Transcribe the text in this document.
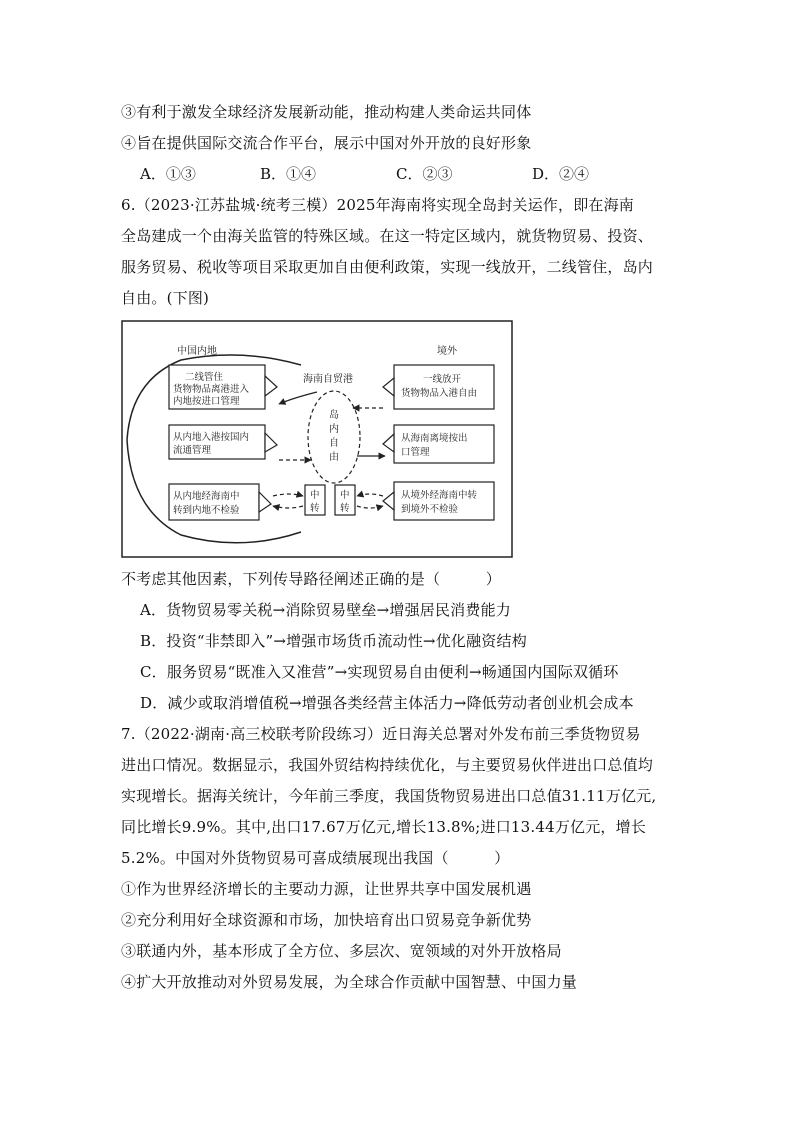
③有利于激发全球经济发展新动能，推动构建人类命运共同体
④旨在提供国际交流合作平台，展示中国对外开放的良好形象
A．①③	B．①④	C．②③	D．②④
6.（2023·江苏盐城·统考三模）2025年海南将实现全岛封关运作，即在海南
全岛建成一个由海关监管的特殊区域。在这一特定区域内，就货物贸易、投资、
服务贸易、税收等项目采取更加自由便利政策，实现一线放开，二线管住，岛内
自由。(下图)
中国内地	境外
海南自贸港
岛
内
自
由
二线管住
货物物品离港进入
内地按进口管理
从内地入港按国内
流通管理
从内地经海南中
转到内地不检验
一线放开
货物物品入港自由
从海南离境按出
口管理
从境外经海南中转
到境外不检验
中
转
中
转
不考虑其他因素，下列传导路径阐述正确的是（　　　）
A．货物贸易零关税→消除贸易壁垒→增强居民消费能力
B．投资“非禁即入”→增强市场货币流动性→优化融资结构
C．服务贸易“既准入又准营”→实现贸易自由便利→畅通国内国际双循环
D．减少或取消增值税→增强各类经营主体活力→降低劳动者创业机会成本
7.（2022·湖南·高三校联考阶段练习）近日海关总署对外发布前三季货物贸易
进出口情况。数据显示，我国外贸结构持续优化，与主要贸易伙伴进出口总值均
实现增长。据海关统计，今年前三季度，我国货物贸易进出口总值31.11万亿元,
同比增长9.9%。其中,出口17.67万亿元,增长13.8%;进口13.44万亿元，增长
5.2%。中国对外货物贸易可喜成绩展现出我国（　　　）
①作为世界经济增长的主要动力源，让世界共享中国发展机遇
②充分利用好全球资源和市场，加快培育出口贸易竞争新优势
③联通内外，基本形成了全方位、多层次、宽领域的对外开放格局
④扩大开放推动对外贸易发展，为全球合作贡献中国智慧、中国力量
